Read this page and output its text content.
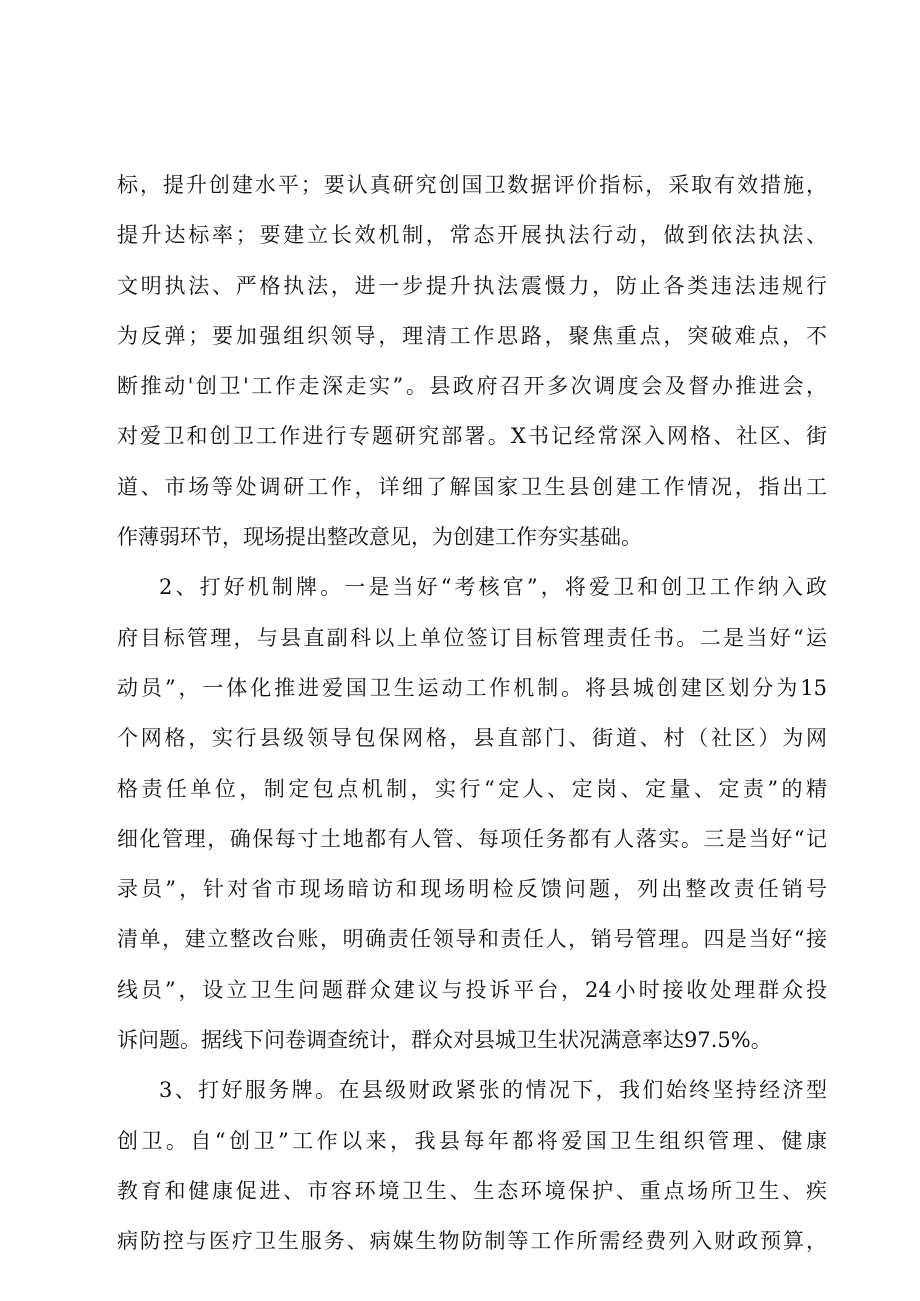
标，提升创建水平；要认真研究创国卫数据评价指标，采取有效措施，
提升达标率；要建立长效机制，常态开展执法行动，做到依法执法、
文明执法、严格执法，进一步提升执法震慑力，防止各类违法违规行
为反弹；要加强组织领导，理清工作思路，聚焦重点，突破难点，不
断推动'创卫'工作走深走实”。县政府召开多次调度会及督办推进会，
对爱卫和创卫工作进行专题研究部署。X书记经常深入网格、社区、街
道、市场等处调研工作，详细了解国家卫生县创建工作情况，指出工
作薄弱环节，现场提出整改意见，为创建工作夯实基础。
2、打好机制牌。一是当好“考核官”，将爱卫和创卫工作纳入政
府目标管理，与县直副科以上单位签订目标管理责任书。二是当好“运
动员”，一体化推进爱国卫生运动工作机制。将县城创建区划分为15
个网格，实行县级领导包保网格，县直部门、街道、村（社区）为网
格责任单位，制定包点机制，实行“定人、定岗、定量、定责”的精
细化管理，确保每寸土地都有人管、每项任务都有人落实。三是当好“记
录员”，针对省市现场暗访和现场明检反馈问题，列出整改责任销号
清单，建立整改台账，明确责任领导和责任人，销号管理。四是当好“接
线员”，设立卫生问题群众建议与投诉平台，24小时接收处理群众投
诉问题。据线下问卷调查统计，群众对县城卫生状况满意率达97.5%。
3、打好服务牌。在县级财政紧张的情况下，我们始终坚持经济型
创卫。自“创卫”工作以来，我县每年都将爱国卫生组织管理、健康
教育和健康促进、市容环境卫生、生态环境保护、重点场所卫生、疾
病防控与医疗卫生服务、病媒生物防制等工作所需经费列入财政预算，
